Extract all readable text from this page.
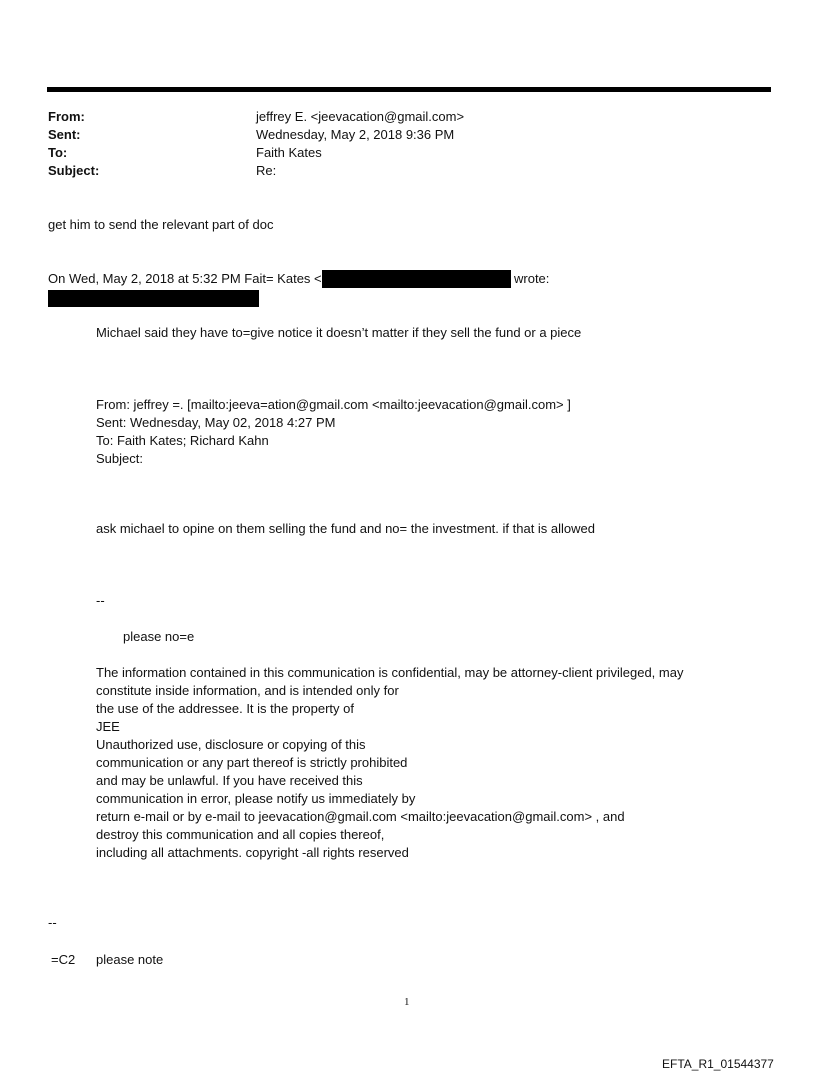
From:	jeffrey E. <jeevacation@gmail.com>
Sent:	Wednesday, May 2, 2018 9:36 PM
To:	Faith Kates
Subject:	Re:
get him to send the relevant part of doc
On Wed, May 2, 2018 at 5:32 PM Fait= Kates <	wrote:
Michael said they have to=give notice it doesn’t matter if they sell the fund or a piece
From: jeffrey =. [mailto:jeeva=ation@gmail.com <mailto:jeevacation@gmail.com> ]
Sent: Wednesday, May 02, 2018 4:27 PM
To: Faith Kates; Richard Kahn
Subject:
ask michael to opine on them selling the fund and no= the investment. if that is allowed
--
please no=e
The information contained in this communication is confidential, may be attorney-client privileged, may
constitute inside information, and is intended only for
the use of the addressee. It is the property of
JEE
Unauthorized use, disclosure or copying of this
communication or any part thereof is strictly prohibited
and may be unlawful. If you have received this
communication in error, please notify us immediately by
return e-mail or by e-mail to jeevacation@gmail.com <mailto:jeevacation@gmail.com> , and
destroy this communication and all copies thereof,
including all attachments. copyright -all rights reserved
--
=C2 please note
1
EFTA_R1_01544377
